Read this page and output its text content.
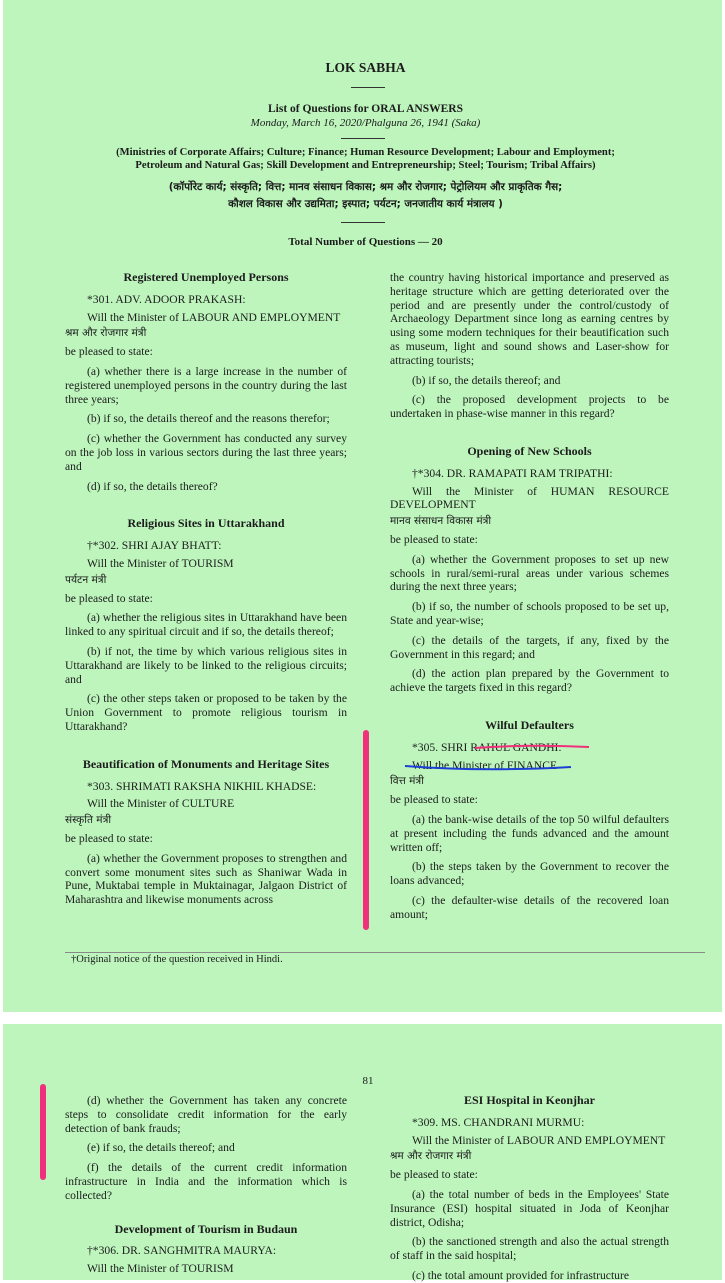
LOK SABHA
List of Questions for ORAL ANSWERS
Monday, March 16, 2020/Phalguna 26, 1941 (Saka)
(Ministries of Corporate Affairs; Culture; Finance; Human Resource Development; Labour and Employment;
Petroleum and Natural Gas; Skill Development and Entrepreneurship; Steel; Tourism; Tribal Affairs)
(कॉर्पोरेट कार्य; संस्कृति; वित्त; मानव संसाधन विकास; श्रम और रोजगार; पेट्रोलियम और प्राकृतिक गैस;
कौशल विकास और उद्यमिता; इस्पात; पर्यटन; जनजातीय कार्य मंत्रालय )
Total Number of Questions — 20

Registered Unemployed Persons

*301. ADV. ADOOR PRAKASH:

Will the Minister of LABOUR AND EMPLOYMENT

श्रम और रोजगार मंत्री

be pleased to state:

(a) whether there is a large increase in the number of registered unemployed persons in the country during the last three years;

(b) if so, the details thereof and the reasons therefor;

(c) whether the Government has conducted any survey on the job loss in various sectors during the last three years; and

(d) if so, the details thereof?

Religious Sites in Uttarakhand

†*302. SHRI AJAY BHATT:

Will the Minister of TOURISM

पर्यटन मंत्री

be pleased to state:

(a) whether the religious sites in Uttarakhand have been linked to any spiritual circuit and if so, the details thereof;

(b) if not, the time by which various religious sites in Uttarakhand are likely to be linked to the religious circuits; and

(c) the other steps taken or proposed to be taken by the Union Government to promote religious tourism in Uttarakhand?

Beautification of Monuments and Heritage Sites

*303. SHRIMATI RAKSHA NIKHIL KHADSE:

Will the Minister of CULTURE

संस्कृति मंत्री

be pleased to state:

(a) whether the Government proposes to strengthen and convert some monument sites such as Shaniwar Wada in Pune, Muktabai temple in Muktainagar, Jalgaon District of Maharashtra and likewise monuments across

the country having historical importance and preserved as heritage structure which are getting deteriorated over the period and are presently under the control/custody of Archaeology Department since long as earning centres by using some modern techniques for their beautification such as museum, light and sound shows and Laser-show for attracting tourists;

(b) if so, the details thereof; and

(c) the proposed development projects to be undertaken in phase-wise manner in this regard?

Opening of New Schools

†*304. DR. RAMAPATI RAM TRIPATHI:

Will the Minister of HUMAN RESOURCE DEVELOPMENT

मानव संसाधन विकास मंत्री

be pleased to state:

(a) whether the Government proposes to set up new schools in rural/semi-rural areas under various schemes during the next three years;

(b) if so, the number of schools proposed to be set up, State and year-wise;

(c) the details of the targets, if any, fixed by the Government in this regard; and

(d) the action plan prepared by the Government to achieve the targets fixed in this regard?

Wilful Defaulters

*305. SHRI RAHUL GANDHI:

Will the Minister of FINANCE

वित्त मंत्री

be pleased to state:

(a) the bank-wise details of the top 50 wilful defaulters at present including the funds advanced and the amount written off;

(b) the steps taken by the Government to recover the loans advanced;

(c) the defaulter-wise details of the recovered loan amount;

†Original notice of the question received in Hindi.
81

(d) whether the Government has taken any concrete steps to consolidate credit information for the early detection of bank frauds;

(e) if so, the details thereof; and

(f) the details of the current credit information infrastructure in India and the information which is collected?

Development of Tourism in Budaun

†*306. DR. SANGHMITRA MAURYA:

Will the Minister of TOURISM

ESI Hospital in Keonjhar

*309. MS. CHANDRANI MURMU:

Will the Minister of LABOUR AND EMPLOYMENT

श्रम और रोजगार मंत्री

be pleased to state:

(a) the total number of beds in the Employees' State Insurance (ESI) hospital situated in Joda of Keonjhar district, Odisha;

(b) the sanctioned strength and also the actual strength of staff in the said hospital;

(c) the total amount provided for infrastructure
